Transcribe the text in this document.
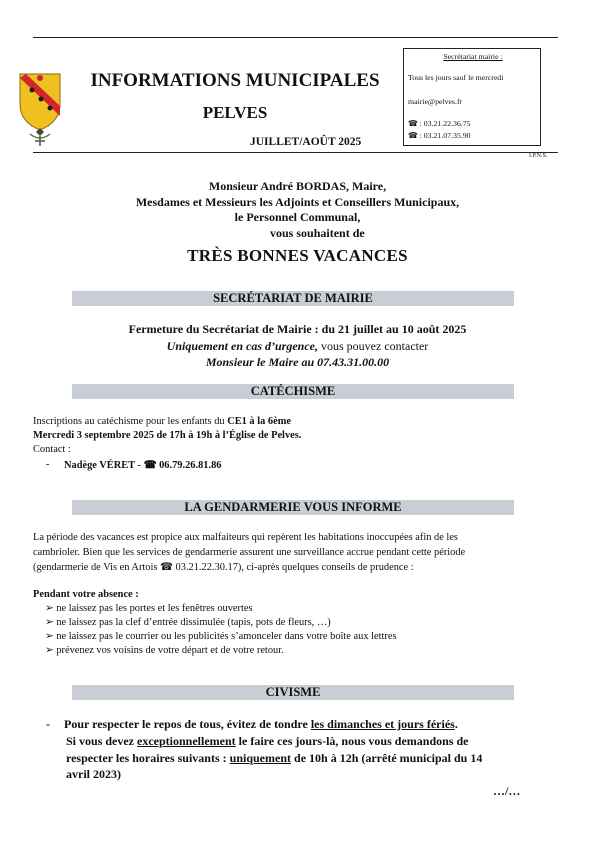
INFORMATIONS MUNICIPALES
PELVES
JUILLET/AOÛT 2025
Secrétariat mairie :
Tous les jours sauf le mercredi
mairie@pelves.fr
☎ : 03.21.22.36.75
☎ : 03.21.07.35.90
I.P.N.S.
Monsieur André BORDAS, Maire,
Mesdames et Messieurs les Adjoints et Conseillers Municipaux,
le Personnel Communal,
vous souhaitent de
TRÈS BONNES VACANCES
SECRÉTARIAT DE MAIRIE
Fermeture du Secrétariat de Mairie : du 21 juillet au 10 août 2025
Uniquement en cas d’urgence, vous pouvez contacter
Monsieur le Maire au 07.43.31.00.00
CATÉCHISME
Inscriptions au catéchisme pour les enfants du CE1 à la 6ème
Mercredi 3 septembre 2025 de 17h à 19h à l’Église de Pelves.
Contact :
- Nadège VÉRET - ☎ 06.79.26.81.86
LA GENDARMERIE VOUS INFORME
La période des vacances est propice aux malfaiteurs qui repèrent les habitations inoccupées afin de les
cambrioler. Bien que les services de gendarmerie assurent une surveillance accrue pendant cette période
(gendarmerie de Vis en Artois ☎ 03.21.22.30.17), ci-après quelques conseils de prudence :
Pendant votre absence :
➢ ne laissez pas les portes et les fenêtres ouvertes
➢ ne laissez pas la clef d’entrée dissimulée (tapis, pots de fleurs, …)
➢ ne laissez pas le courrier ou les publicités s’amonceler dans votre boîte aux lettres
➢ prévenez vos voisins de votre départ et de votre retour.
CIVISME
- Pour respecter le repos de tous, évitez de tondre les dimanches et jours fériés.
Si vous devez exceptionnellement le faire ces jours-là, nous vous demandons de
respecter les horaires suivants : uniquement de 10h à 12h (arrêté municipal du 14
avril 2023)
…/…
